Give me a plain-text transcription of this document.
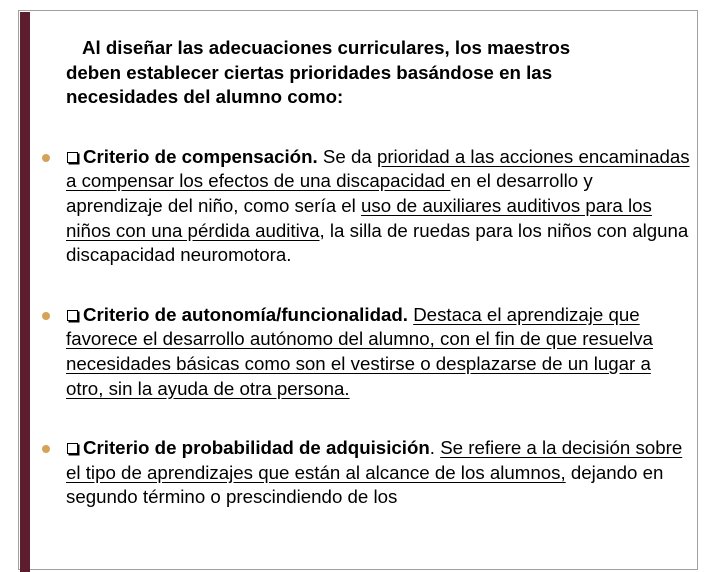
Al diseñar las adecuaciones curriculares, los maestros
deben establecer ciertas prioridades basándose en las
necesidades del alumno como:
Criterio de compensación. Se da prioridad a las acciones encaminadas a compensar los efectos de una discapacidad en el desarrollo y aprendizaje del niño, como sería el uso de auxiliares auditivos para los niños con una pérdida auditiva, la silla de ruedas para los niños con alguna discapacidad neuromotora.
Criterio de autonomía/funcionalidad. Destaca el aprendizaje que favorece el desarrollo autónomo del alumno, con el fin de que resuelva necesidades básicas como son el vestirse o desplazarse de un lugar a otro, sin la ayuda de otra persona.
Criterio de probabilidad de adquisición. Se refiere a la decisión sobre el tipo de aprendizajes que están al alcance de los alumnos, dejando en segundo término o prescindiendo de los
